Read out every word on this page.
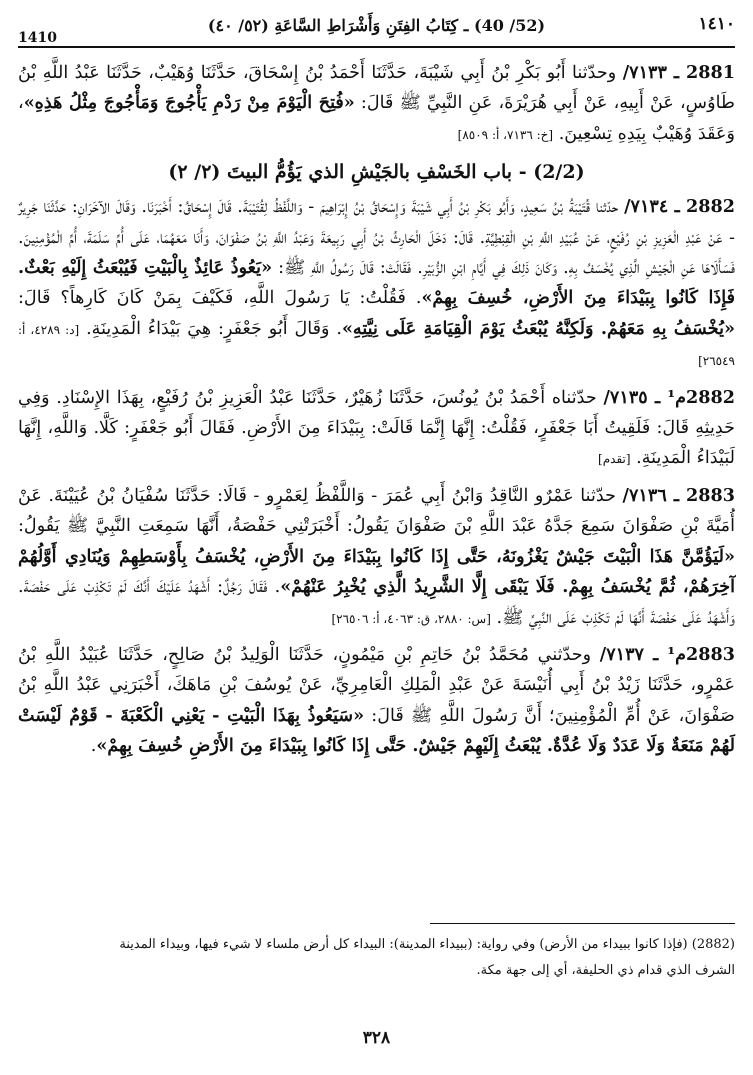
1410
(52/ 40) ـ كِتَابُ الفِتَنِ وَأَشْرَاطِ السَّاعَةِ (٥٢/ ٤٠)	١٤١٠

2881 ـ ٧١٣٣/ وحدّثنا أَبُو بَكْرِ بْنُ أَبِي شَيْبَةَ، حَدَّثَنَا أَحْمَدُ بْنُ إِسْحَاقَ، حَدَّثَنَا وُهَيْبٌ، حَدَّثَنَا عَبْدُ اللَّهِ بْنُ طَاوُسٍ، عَنْ أَبِيهِ، عَنْ أَبِي هُرَيْرَةَ، عَنِ النَّبِيِّ ﷺ قَالَ: «فُتِحَ الْيَوْمَ مِنْ رَدْمِ يَأْجُوجَ وَمَأْجُوجَ مِثْلُ هَذِهِ»، وَعَقَدَ وُهَيْبٌ بِيَدِهِ تِسْعِينَ. [خ: ٧١٣٦، أ: ٨٥٠٩]

(2/2) - باب الخَسْفِ بالجَيْشِ الذي يَؤُمُّ البيتَ (٢/ ٢)

2882 ـ ٧١٣٤/ حدّثنا قُتَيْبَةُ بْنُ سَعِيدٍ، وَأَبُو بَكْرِ بْنُ أَبِي شَيْبَةَ وَإِسْحَاقُ بْنُ إِبْرَاهِيمَ - وَاللَّفْظُ لِقُتَيْبَةَ. قَالَ إِسْحَاقُ: أَخْبَرَنَا. وَقَالَ الآخَرَانِ: حَدَّثَنَا جَرِيرٌ - عَنْ عَبْدِ الْعَزِيزِ بْنِ رُفَيْعٍ، عَنْ عُبَيْدِ اللَّهِ بْنِ الْقِبْطِيَّةِ. قَالَ: دَخَلَ الْحَارِثُ بْنُ أَبِي رَبِيعَةَ وَعَبْدُ اللَّهِ بْنُ صَفْوَانَ، وَأَنَا مَعَهُمَا، عَلَى أُمِّ سَلَمَةَ، أُمِّ الْمُؤْمِنِينَ. فَسَأَلَاهَا عَنِ الْجَيْشِ الَّذِي يُخْسَفُ بِهِ. وَكَانَ ذَلِكَ فِي أَيَّامِ ابْنِ الزُّبَيْرِ. فَقَالَتْ: قَالَ رَسُولُ اللَّهِ ﷺ: «يَعُوذُ عَائِذٌ بِالْبَيْتِ فَيُبْعَثُ إِلَيْهِ بَعْثٌ. فَإِذَا كَانُوا بِبَيْدَاءَ مِنَ الأَرْضِ، خُسِفَ بِهِمْ». فَقُلْتُ: يَا رَسُولَ اللَّهِ، فَكَيْفَ بِمَنْ كَانَ كَارِهاً؟ قَالَ: «يُخْسَفُ بِهِ مَعَهُمْ. وَلَكِنَّهُ يُبْعَثُ يَوْمَ الْقِيَامَةِ عَلَى نِيَّتِهِ». وَقَالَ أَبُو جَعْفَرٍ: هِيَ بَيْدَاءُ الْمَدِينَةِ. [د: ٤٢٨٩، أ: ٢٦٥٤٩]

2882م¹ ـ ٧١٣٥/ حدّثناه أَحْمَدُ بْنُ يُونُسَ، حَدَّثَنَا زُهَيْرٌ، حَدَّثَنَا عَبْدُ الْعَزِيزِ بْنُ رُفَيْعٍ، بِهَذَا الإِسْنَادِ. وَفِي حَدِيثِهِ قَالَ: فَلَقِيتُ أَبَا جَعْفَرٍ، فَقُلْتُ: إِنَّهَا إِنَّمَا قَالَتْ: بِبَيْدَاءَ مِنَ الأَرْضِ. فَقَالَ أَبُو جَعْفَرٍ: كَلَّا. وَاللَّهِ، إِنَّهَا لَبَيْدَاءُ الْمَدِينَةِ. [تقدم]

2883 ـ ٧١٣٦/ حدّثنا عَمْرٌو النَّاقِدُ وَابْنُ أَبِي عُمَرَ - وَاللَّفْظُ لِعَمْرٍو - قَالَا: حَدَّثَنَا سُفْيَانُ بْنُ عُيَيْنَةَ. عَنْ أُمَيَّةَ بْنِ صَفْوَانَ سَمِعَ جَدَّهُ عَبْدَ اللَّهِ بْنَ صَفْوَانَ يَقُولُ: أَخْبَرَتْنِي حَفْصَةُ، أَنَّهَا سَمِعَتِ النَّبِيَّ ﷺ يَقُولُ: «لَيَؤُمَّنَّ هَذَا الْبَيْتَ جَيْشٌ يَغْزُونَهُ، حَتَّى إِذَا كَانُوا بِبَيْدَاءَ مِنَ الأَرْضِ، يُخْسَفُ بِأَوْسَطِهِمْ وَيُنَادِي أَوَّلُهُمْ آخِرَهُمْ، ثُمَّ يُخْسَفُ بِهِمْ. فَلَا يَبْقَى إِلَّا الشَّرِيدُ الَّذِي يُخْبِرُ عَنْهُمْ». فَقَالَ رَجُلٌ: أَشْهَدُ عَلَيْكَ أَنَّكَ لَمْ تَكْذِبْ عَلَى حَفْصَةَ. وَأَشْهَدُ عَلَى حَفْصَةَ أَنَّهَا لَمْ تَكْذِبْ عَلَى النَّبِيِّ ﷺ. [س: ٢٨٨٠، ق: ٤٠٦٣، أ: ٢٦٥٠٦]

2883م¹ ـ ٧١٣٧/ وحدّثني مُحَمَّدُ بْنُ حَاتِمِ بْنِ مَيْمُونٍ، حَدَّثَنَا الْوَلِيدُ بْنُ صَالِحٍ، حَدَّثَنَا عُبَيْدُ اللَّهِ بْنُ عَمْرٍو، حَدَّثَنَا زَيْدُ بْنُ أَبِي أُنَيْسَةَ عَنْ عَبْدِ الْمَلِكِ الْعَامِرِيِّ، عَنْ يُوسُفَ بْنِ مَاهَكَ، أَخْبَرَنِي عَبْدُ اللَّهِ بْنُ صَفْوَانَ، عَنْ أُمِّ الْمُؤْمِنِينَ؛ أَنَّ رَسُولَ اللَّهِ ﷺ قَالَ: «سَيَعُوذُ بِهَذَا الْبَيْتِ - يَعْنِي الْكَعْبَةَ - قَوْمٌ لَيْسَتْ لَهُمْ مَنَعَةٌ وَلَا عَدَدٌ وَلَا عُدَّةٌ. يُبْعَثُ إِلَيْهِمْ جَيْشٌ. حَتَّى إِذَا كَانُوا بِبَيْدَاءَ مِنَ الأَرْضِ خُسِفَ بِهِمْ».

(2882) (فإذا كانوا ببيداء من الأرض) وفي رواية: (ببيداء المدينة): البيداء كل أرض ملساء لا شيء فيها، وبيداء المدينة
الشرف الذي قدام ذي الحليفة، أي إلى جهة مكة.
٣٢٨
